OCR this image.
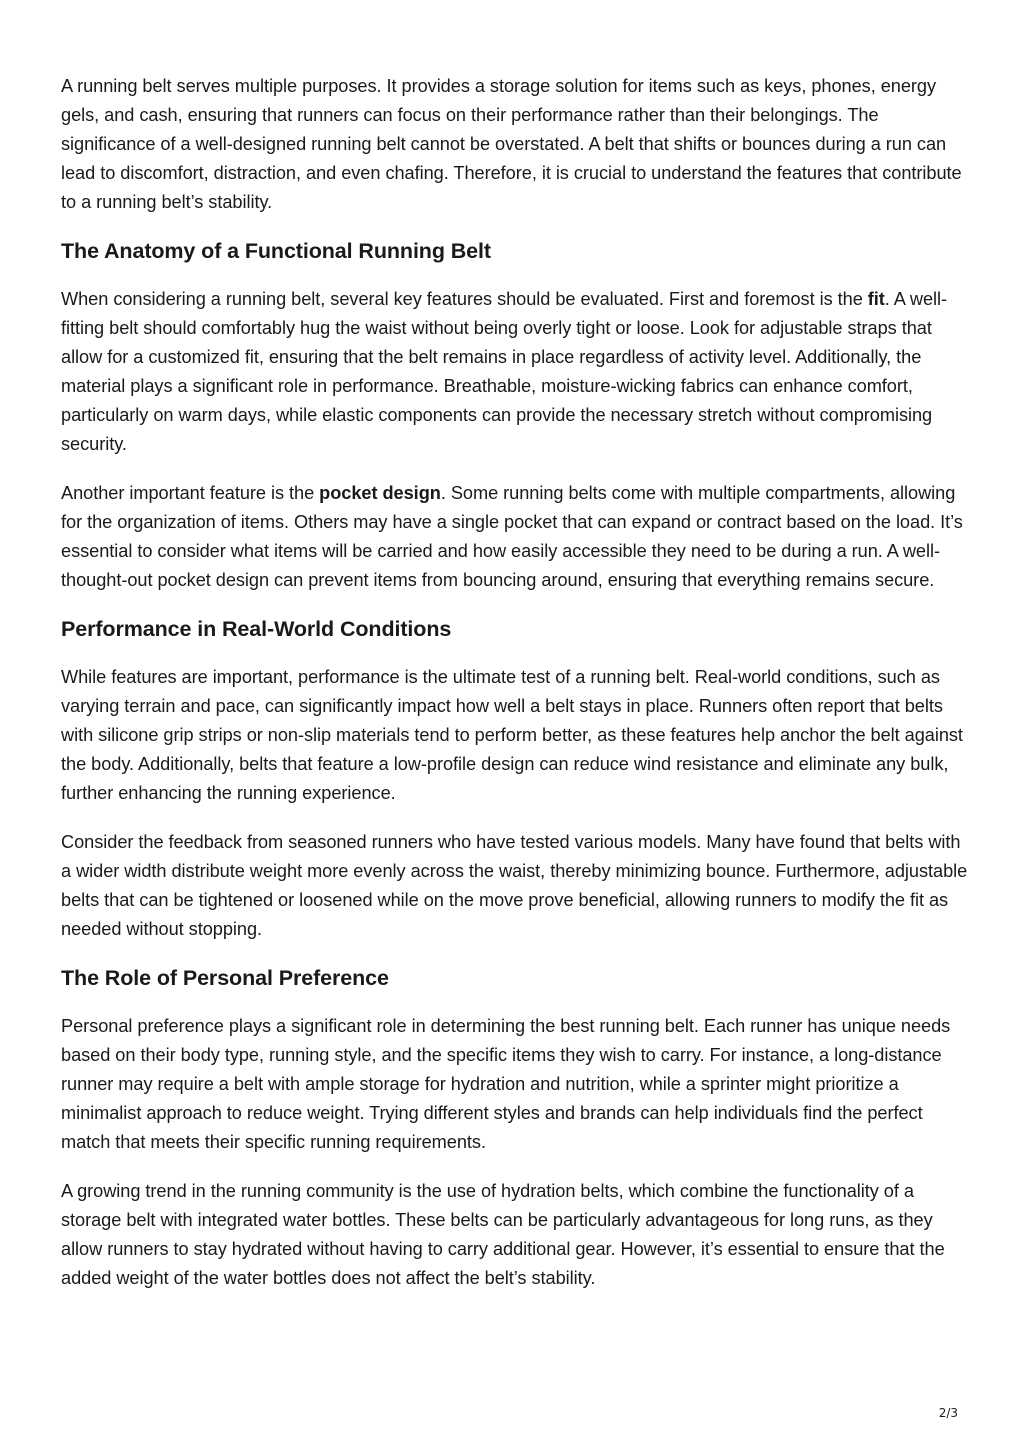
A running belt serves multiple purposes. It provides a storage solution for items such as keys, phones, energy gels, and cash, ensuring that runners can focus on their performance rather than their belongings. The significance of a well-designed running belt cannot be overstated. A belt that shifts or bounces during a run can lead to discomfort, distraction, and even chafing. Therefore, it is crucial to understand the features that contribute to a running belt’s stability.

The Anatomy of a Functional Running Belt

When considering a running belt, several key features should be evaluated. First and foremost is the fit. A well-fitting belt should comfortably hug the waist without being overly tight or loose. Look for adjustable straps that allow for a customized fit, ensuring that the belt remains in place regardless of activity level. Additionally, the material plays a significant role in performance. Breathable, moisture-wicking fabrics can enhance comfort, particularly on warm days, while elastic components can provide the necessary stretch without compromising security.

Another important feature is the pocket design. Some running belts come with multiple compartments, allowing for the organization of items. Others may have a single pocket that can expand or contract based on the load. It’s essential to consider what items will be carried and how easily accessible they need to be during a run. A well-thought-out pocket design can prevent items from bouncing around, ensuring that everything remains secure.

Performance in Real-World Conditions

While features are important, performance is the ultimate test of a running belt. Real-world conditions, such as varying terrain and pace, can significantly impact how well a belt stays in place. Runners often report that belts with silicone grip strips or non-slip materials tend to perform better, as these features help anchor the belt against the body. Additionally, belts that feature a low-profile design can reduce wind resistance and eliminate any bulk, further enhancing the running experience.

Consider the feedback from seasoned runners who have tested various models. Many have found that belts with a wider width distribute weight more evenly across the waist, thereby minimizing bounce. Furthermore, adjustable belts that can be tightened or loosened while on the move prove beneficial, allowing runners to modify the fit as needed without stopping.

The Role of Personal Preference

Personal preference plays a significant role in determining the best running belt. Each runner has unique needs based on their body type, running style, and the specific items they wish to carry. For instance, a long-distance runner may require a belt with ample storage for hydration and nutrition, while a sprinter might prioritize a minimalist approach to reduce weight. Trying different styles and brands can help individuals find the perfect match that meets their specific running requirements.

A growing trend in the running community is the use of hydration belts, which combine the functionality of a storage belt with integrated water bottles. These belts can be particularly advantageous for long runs, as they allow runners to stay hydrated without having to carry additional gear. However, it’s essential to ensure that the added weight of the water bottles does not affect the belt’s stability.

2/3
